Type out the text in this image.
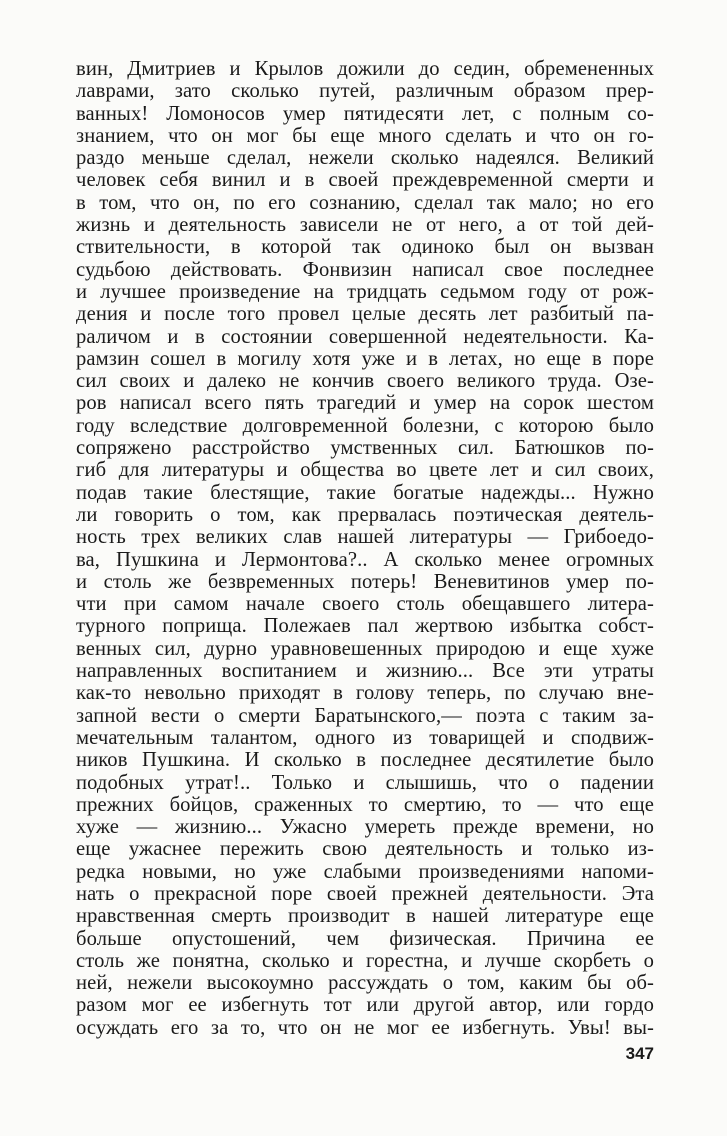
вин, Дмитриев и Крылов дожили до седин, обремененных
лаврами, зато сколько путей, различным образом прер-
ванных! Ломоносов умер пятидесяти лет, с полным со-
знанием, что он мог бы еще много сделать и что он го-
раздо меньше сделал, нежели сколько надеялся. Великий
человек себя винил и в своей преждевременной смерти и
в том, что он, по его сознанию, сделал так мало; но его
жизнь и деятельность зависели не от него, а от той дей-
ствительности, в которой так одиноко был он вызван
судьбою действовать. Фонвизин написал свое последнее
и лучшее произведение на тридцать седьмом году от рож-
дения и после того провел целые десять лет разбитый па-
раличом и в состоянии совершенной недеятельности. Ка-
рамзин сошел в могилу хотя уже и в летах, но еще в поре
сил своих и далеко не кончив своего великого труда. Озе-
ров написал всего пять трагедий и умер на сорок шестом
году вследствие долговременной болезни, с которою было
сопряжено расстройство умственных сил. Батюшков по-
гиб для литературы и общества во цвете лет и сил своих,
подав такие блестящие, такие богатые надежды... Нужно
ли говорить о том, как прервалась поэтическая деятель-
ность трех великих слав нашей литературы — Грибоедо-
ва, Пушкина и Лермонтова?.. А сколько менее огромных
и столь же безвременных потерь! Веневитинов умер по-
чти при самом начале своего столь обещавшего литера-
турного поприща. Полежаев пал жертвою избытка собст-
венных сил, дурно уравновешенных природою и еще хуже
направленных воспитанием и жизнию... Все эти утраты
как-то невольно приходят в голову теперь, по случаю вне-
запной вести о смерти Баратынского,— поэта с таким за-
мечательным талантом, одного из товарищей и сподвиж-
ников Пушкина. И сколько в последнее десятилетие было
подобных утрат!.. Только и слышишь, что о падении
прежних бойцов, сраженных то смертию, то — что еще
хуже — жизнию... Ужасно умереть прежде времени, но
еще ужаснее пережить свою деятельность и только из-
редка новыми, но уже слабыми произведениями напоми-
нать о прекрасной поре своей прежней деятельности. Эта
нравственная смерть производит в нашей литературе еще
больше опустошений, чем физическая. Причина ее
столь же понятна, сколько и горестна, и лучше скорбеть о
ней, нежели высокоумно рассуждать о том, каким бы об-
разом мог ее избегнуть тот или другой автор, или гордо
осуждать его за то, что он не мог ее избегнуть. Увы! вы-
347
